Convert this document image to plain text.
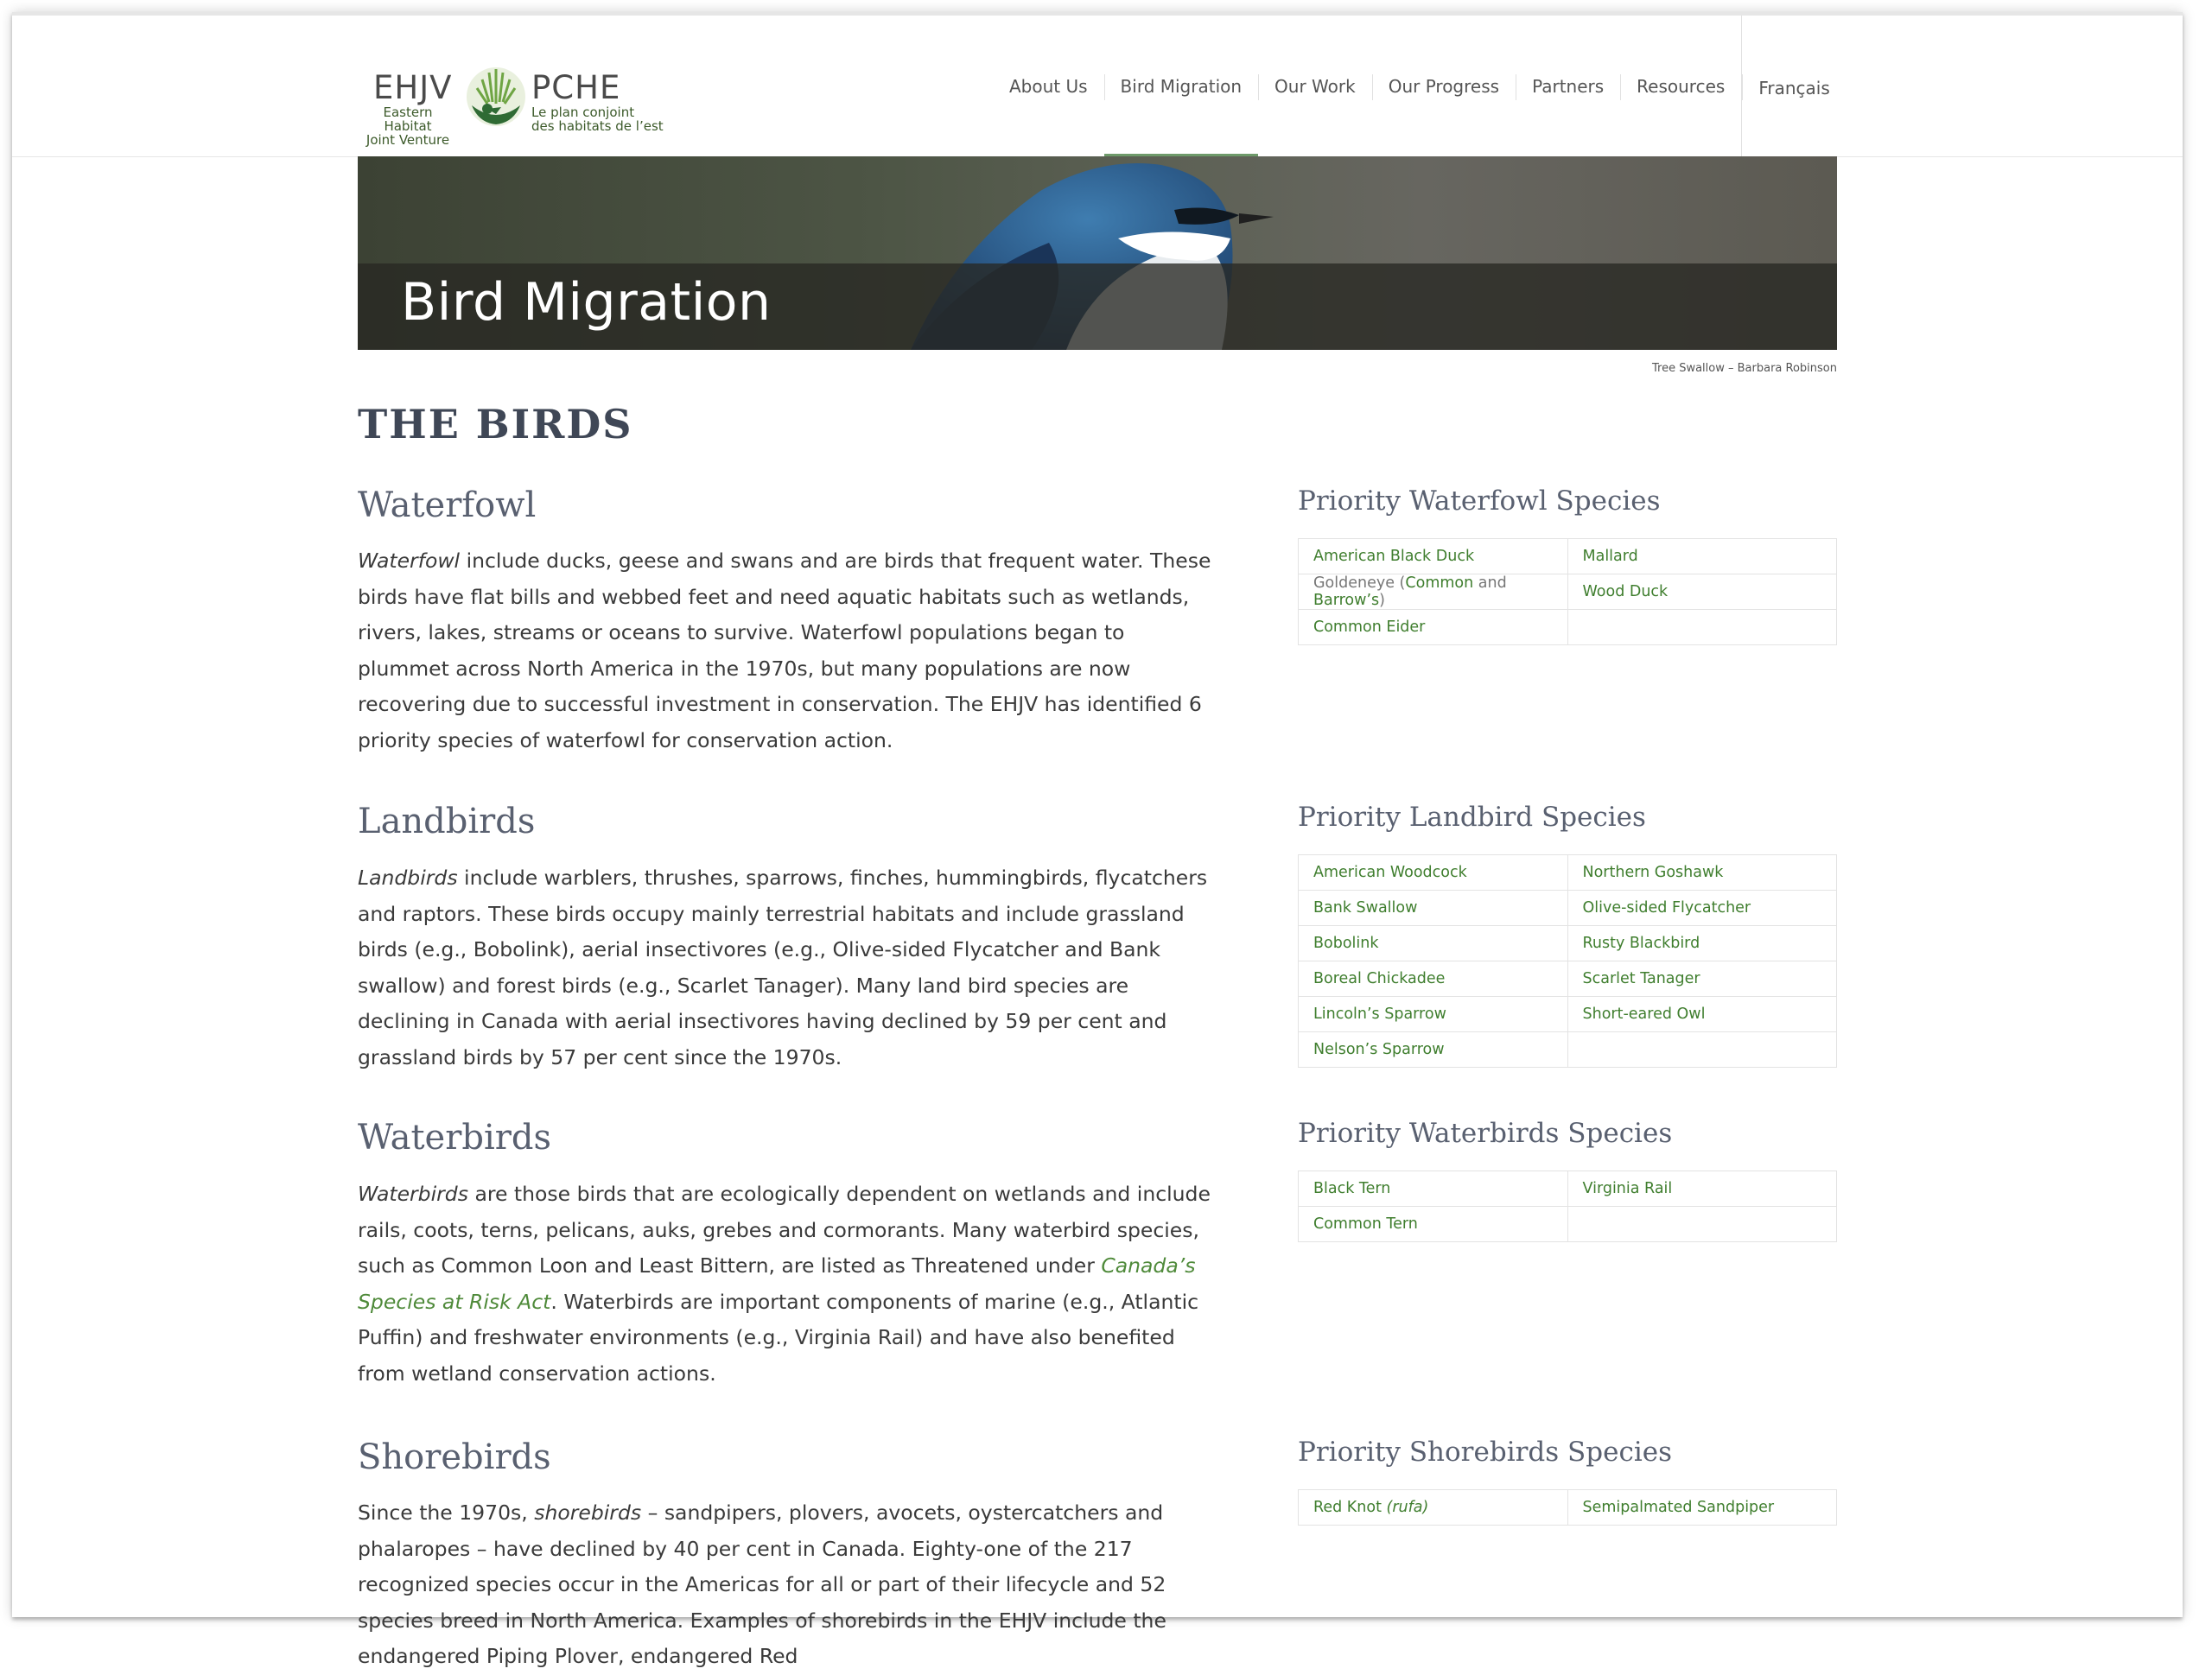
EHJV
Eastern Habitat
Joint Venture
PCHE
Le plan conjoint
des habitats de l’est
About Us	Bird Migration	Our Work	Our Progress	Partners	Resources	Français
Bird Migration
Tree Swallow – Barbara Robinson
THE BIRDS
Waterfowl

Waterfowl include ducks, geese and swans and are birds that frequent water. These birds have flat bills and webbed feet and need aquatic habitats such as wetlands, rivers, lakes, streams or oceans to survive. Waterfowl populations began to plummet across North America in the 1970s, but many populations are now recovering due to successful investment in conservation. The EHJV has identified 6 priority species of waterfowl for conservation action.

Landbirds

Landbirds include warblers, thrushes, sparrows, finches, hummingbirds, flycatchers and raptors. These birds occupy mainly terrestrial habitats and include grassland birds (e.g., Bobolink), aerial insectivores (e.g., Olive-sided Flycatcher and Bank swallow) and forest birds (e.g., Scarlet Tanager). Many land bird species are declining in Canada with aerial insectivores having declined by 59 per cent and grassland birds by 57 per cent since the 1970s.

Waterbirds

Waterbirds are those birds that are ecologically dependent on wetlands and include rails, coots, terns, pelicans, auks, grebes and cormorants. Many waterbird species, such as Common Loon and Least Bittern, are listed as Threatened under Canada’s Species at Risk Act. Waterbirds are important components of marine (e.g., Atlantic Puffin) and freshwater environments (e.g., Virginia Rail) and have also benefited from wetland conservation actions.

Shorebirds

Since the 1970s, shorebirds – sandpipers, plovers, avocets, oystercatchers and phalaropes – have declined by 40 per cent in Canada. Eighty-one of the 217 recognized species occur in the Americas for all or part of their lifecycle and 52 species breed in North America. Examples of shorebirds in the EHJV include the endangered Piping Plover, endangered Red

Priority Waterfowl Species
American Black Duck	Mallard
Goldeneye (Common and Barrow’s)	Wood Duck
Common Eider	
Priority Landbird Species
American Woodcock	Northern Goshawk
Bank Swallow	Olive-sided Flycatcher
Bobolink	Rusty Blackbird
Boreal Chickadee	Scarlet Tanager
Lincoln’s Sparrow	Short-eared Owl
Nelson’s Sparrow	
Priority Waterbirds Species
Black Tern	Virginia Rail
Common Tern	
Priority Shorebirds Species
Red Knot (rufa)	Semipalmated Sandpiper
